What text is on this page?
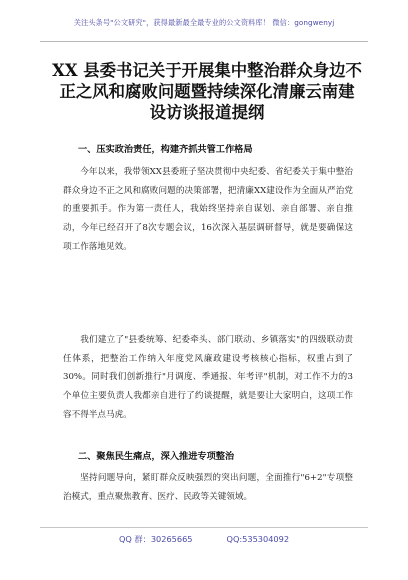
关注头条号"公文研究"，获得最新最全最专业的公文资料库！ 微信：gongwenyj
XX 县委书记关于开展集中整治群众身边不正之风和腐败问题暨持续深化清廉云南建设访谈报道提纲
一、压实政治责任，构建齐抓共管工作格局
今年以来，我带领XX县委班子坚决贯彻中央纪委、省纪委关于集中整治群众身边不正之风和腐败问题的决策部署，把清廉XX建设作为全面从严治党的重要抓手。作为第一责任人，我始终坚持亲自谋划、亲自部署、亲自推动，今年已经召开了8次专题会议，16次深入基层调研督导，就是要确保这项工作落地见效。
我们建立了"县委统筹、纪委牵头、部门联动、乡镇落实"的四级联动责任体系，把整治工作纳入年度党风廉政建设考核核心指标，权重占到了30%。同时我们创新推行"月调度、季通报、年考评"机制，对工作不力的3个单位主要负责人我都亲自进行了约谈提醒，就是要让大家明白，这项工作容不得半点马虎。
二、聚焦民生痛点，深入推进专项整治
坚持问题导向，紧盯群众反映强烈的突出问题，全面推行"6+2"专项整治模式，重点聚焦教育、医疗、民政等关键领域。
QQ 群：30265665	QQ:535304092
